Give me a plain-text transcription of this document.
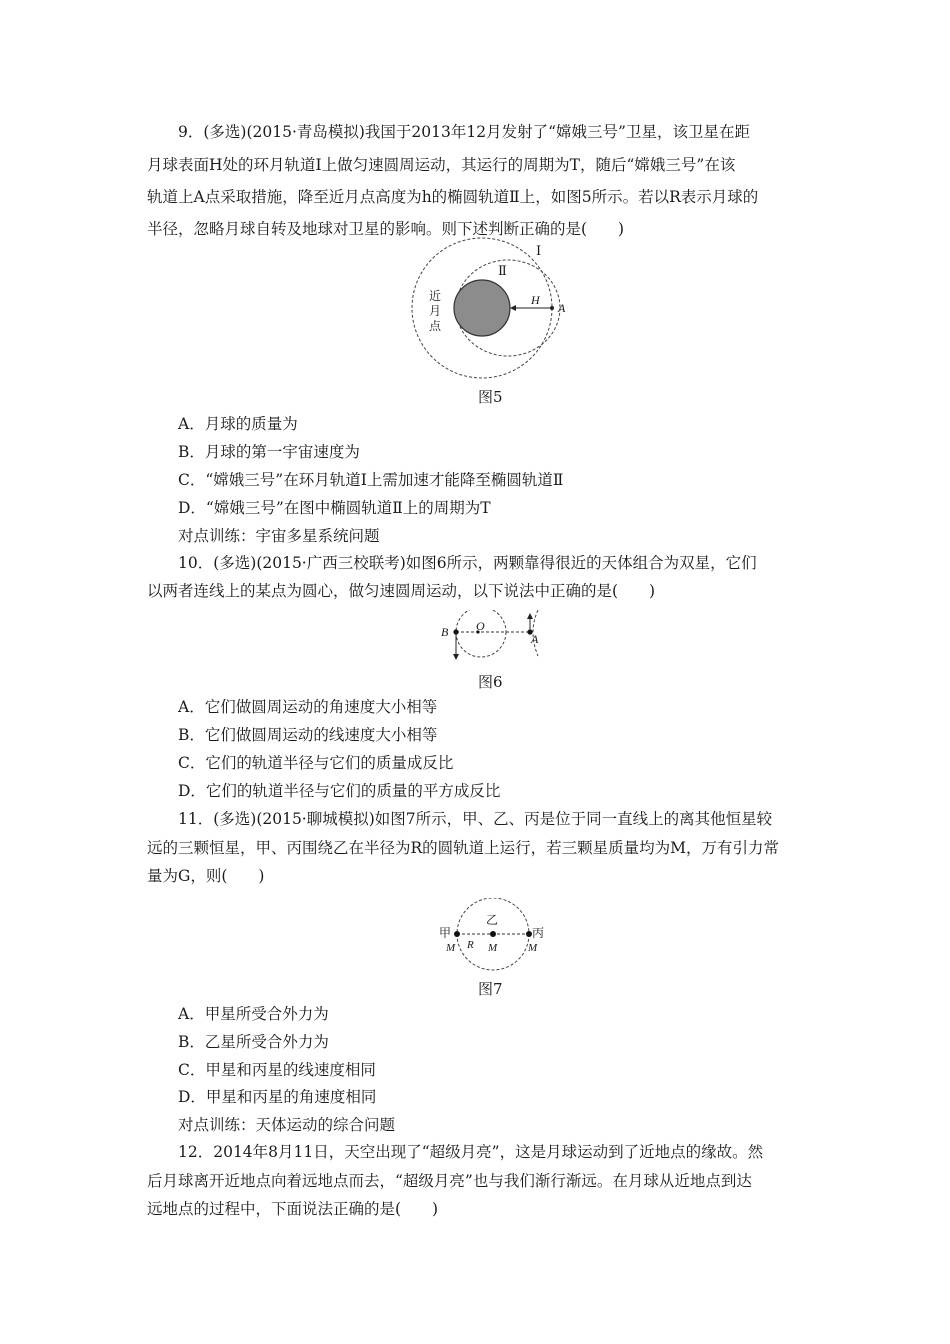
9．(多选)(2015·青岛模拟)我国于2013年12月发射了“嫦娥三号”卫星，该卫星在距
月球表面H处的环月轨道Ⅰ上做匀速圆周运动，其运行的周期为T，随后“嫦娥三号”在该
轨道上A点采取措施，降至近月点高度为h的椭圆轨道Ⅱ上，如图5所示。若以R表示月球的
半径，忽略月球自转及地球对卫星的影响。则下述判断正确的是(　　)
Ⅰ
Ⅱ
H
A
近
月
点
图5
A．月球的质量为
B．月球的第一宇宙速度为
C．“嫦娥三号”在环月轨道Ⅰ上需加速才能降至椭圆轨道Ⅱ
D．“嫦娥三号”在图中椭圆轨道Ⅱ上的周期为T
对点训练：宇宙多星系统问题
10．(多选)(2015·广西三校联考)如图6所示，两颗靠得很近的天体组合为双星，它们
以两者连线上的某点为圆心，做匀速圆周运动，以下说法中正确的是(　　)
B O
A
图6
A．它们做圆周运动的角速度大小相等
B．它们做圆周运动的线速度大小相等
C．它们的轨道半径与它们的质量成反比
D．它们的轨道半径与它们的质量的平方成反比
11．(多选)(2015·聊城模拟)如图7所示，甲、乙、丙是位于同一直线上的离其他恒星较
远的三颗恒星，甲、丙围绕乙在半径为R的圆轨道上运行，若三颗星质量均为M，万有引力常
量为G，则(　　)
甲
乙
丙
M	M	M
R
图7
A．甲星所受合外力为
B．乙星所受合外力为
C．甲星和丙星的线速度相同
D．甲星和丙星的角速度相同
对点训练：天体运动的综合问题
12．2014年8月11日，天空出现了“超级月亮”，这是月球运动到了近地点的缘故。然
后月球离开近地点向着远地点而去，“超级月亮”也与我们渐行渐远。在月球从近地点到达
远地点的过程中，下面说法正确的是(　　)
